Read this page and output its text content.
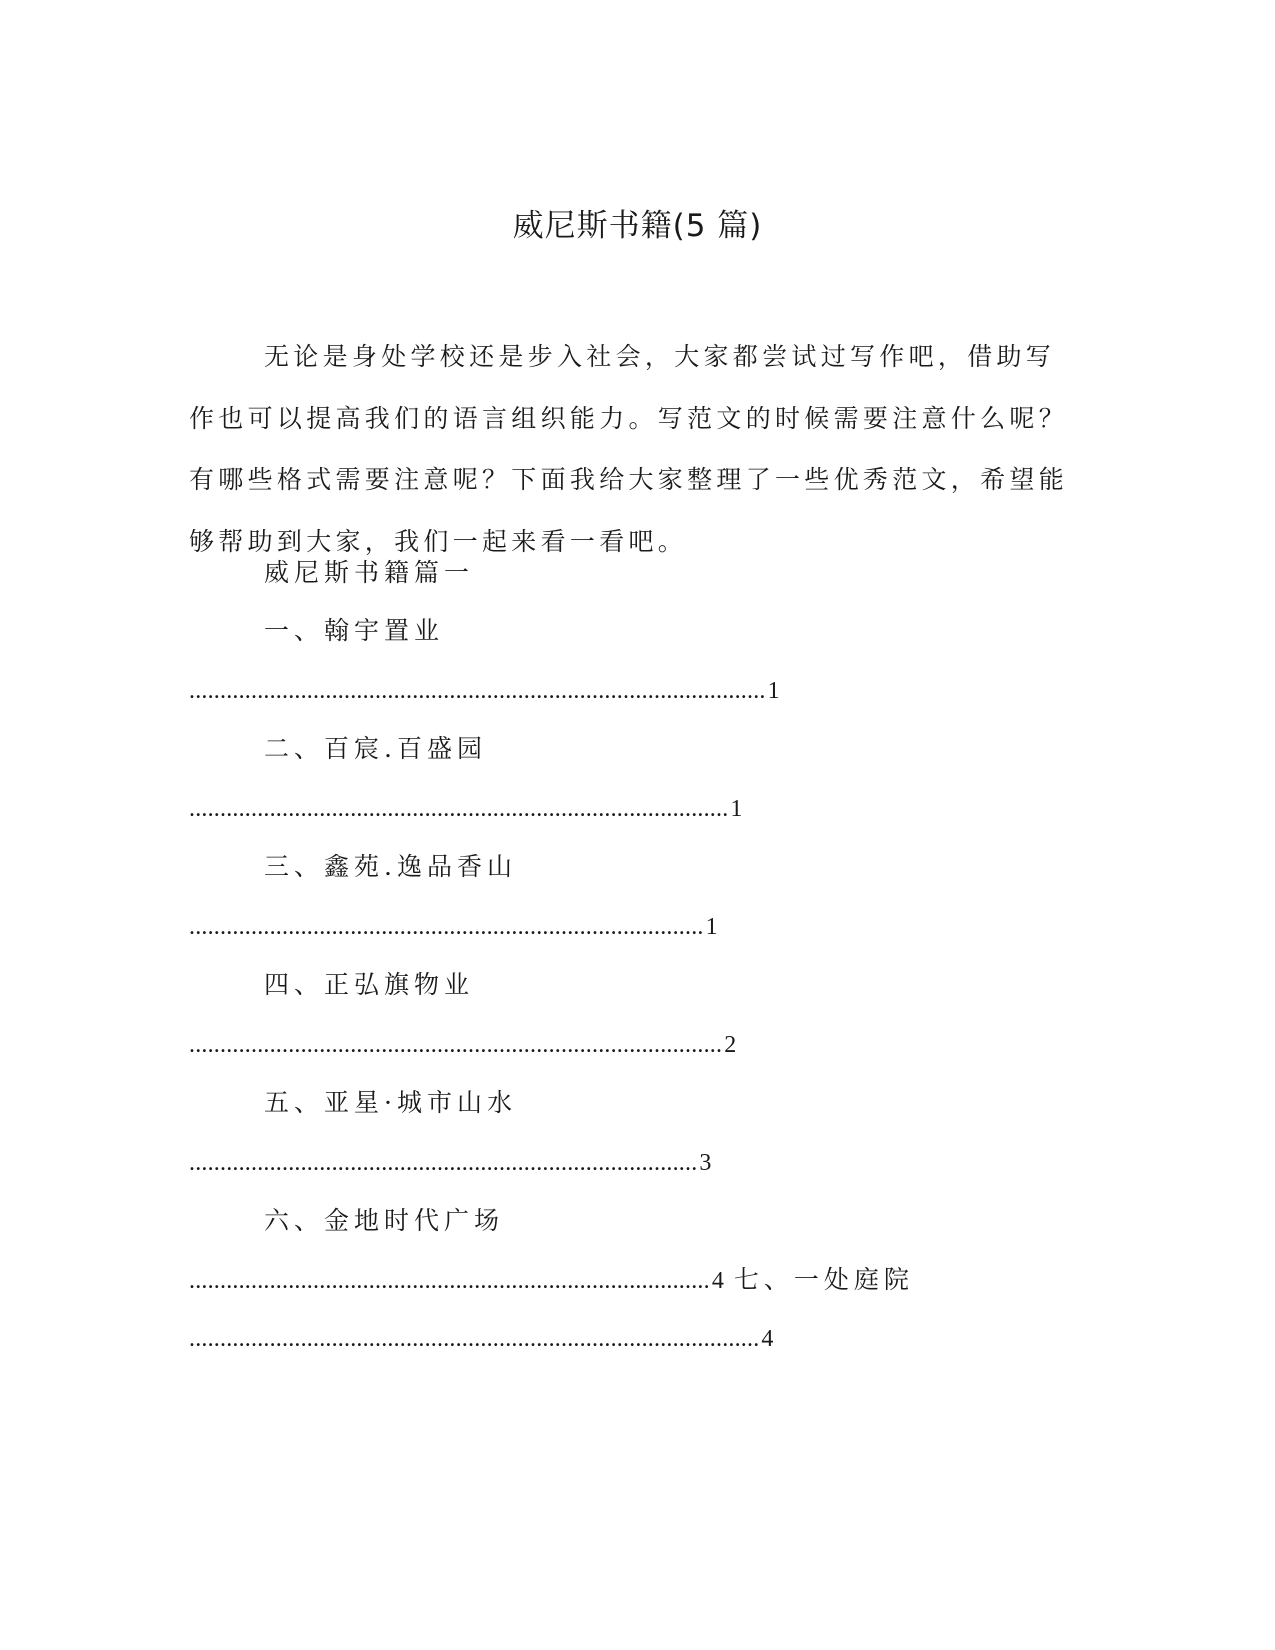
威尼斯书籍(5 篇)

无论是身处学校还是步入社会，大家都尝试过写作吧，借助写作也可以提高我们的语言组织能力。写范文的时候需要注意什么呢？有哪些格式需要注意呢？下面我给大家整理了一些优秀范文，希望能够帮助到大家，我们一起来看一看吧。

威尼斯书籍篇一
一、翰宇置业
.............................................................................................1
二、百宸.百盛园
.......................................................................................1
三、鑫苑.逸品香山
...................................................................................1
四、正弘旗物业
......................................................................................2
五、亚星·城市山水
..................................................................................3
六、金地时代广场
....................................................................................4 七、一处庭院
............................................................................................4
